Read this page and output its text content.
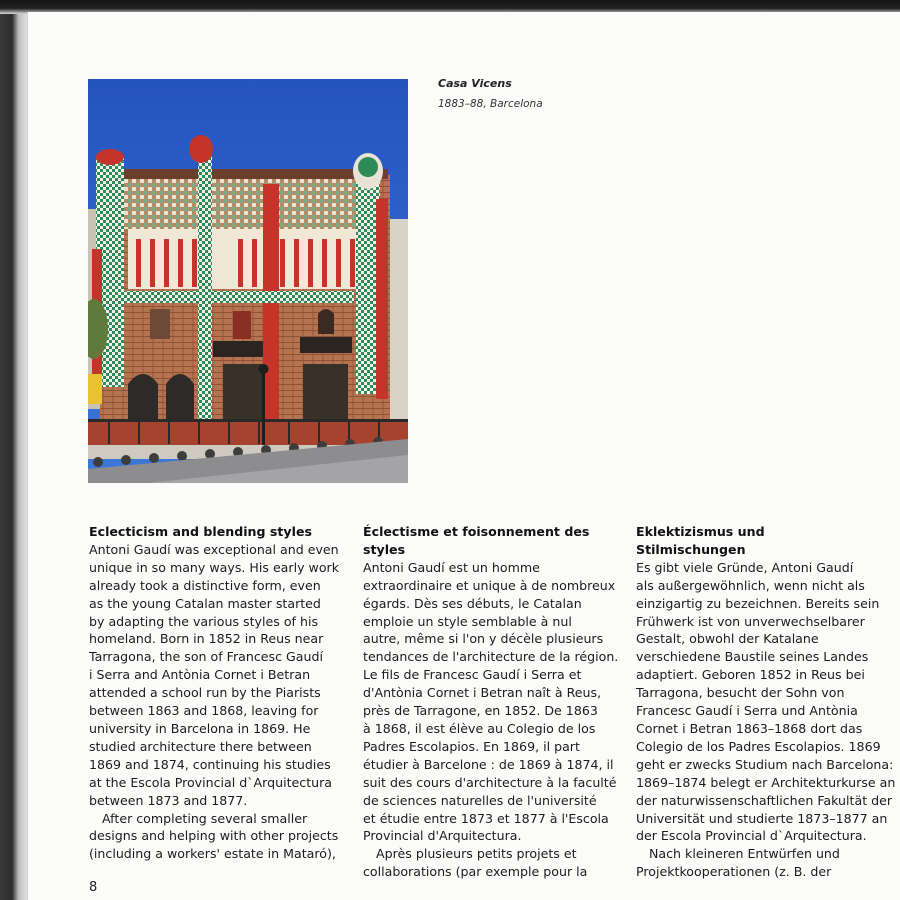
Casa Vicens
1883–88, Barcelona
Eclecticism and blending styles
Antoni Gaudí was exceptional and even
unique in so many ways. His early work
already took a distinctive form, even
as the young Catalan master started
by adapting the various styles of his
homeland. Born in 1852 in Reus near
Tarragona, the son of Francesc Gaudí
i Serra and Antònia Cornet i Betran
attended a school run by the Piarists
between 1863 and 1868, leaving for
university in Barcelona in 1869. He
studied architecture there between
1869 and 1874, continuing his studies
at the Escola Provincial d`Arquitectura
between 1873 and 1877.
After completing several smaller
designs and helping with other projects
(including a workers' estate in Mataró),
Éclectisme et foisonnement des styles
Antoni Gaudí est un homme
extraordinaire et unique à de nombreux
égards. Dès ses débuts, le Catalan
emploie un style semblable à nul
autre, même si l'on y décèle plusieurs
tendances de l'architecture de la région.
Le fils de Francesc Gaudí i Serra et
d'Antònia Cornet i Betran naît à Reus,
près de Tarragone, en 1852. De 1863
à 1868, il est élève au Colegio de los
Padres Escolapios. En 1869, il part
étudier à Barcelone : de 1869 à 1874, il
suit des cours d'architecture à la faculté
de sciences naturelles de l'université
et étudie entre 1873 et 1877 à l'Escola
Provincial d'Arquitectura.
Après plusieurs petits projets et
collaborations (par exemple pour la
Eklektizismus und Stilmischungen
Es gibt viele Gründe, Antoni Gaudí
als außergewöhnlich, wenn nicht als
einzigartig zu bezeichnen. Bereits sein
Frühwerk ist von unverwechselbarer
Gestalt, obwohl der Katalane
verschiedene Baustile seines Landes
adaptiert. Geboren 1852 in Reus bei
Tarragona, besucht der Sohn von
Francesc Gaudí i Serra und Antònia
Cornet i Betran 1863–1868 dort das
Colegio de los Padres Escolapios. 1869
geht er zwecks Studium nach Barcelona:
1869–1874 belegt er Architekturkurse an
der naturwissenschaftlichen Fakultät der
Universität und studierte 1873–1877 an
der Escola Provincial d`Arquitectura.
Nach kleineren Entwürfen und
Projektkooperationen (z. B. der
8
